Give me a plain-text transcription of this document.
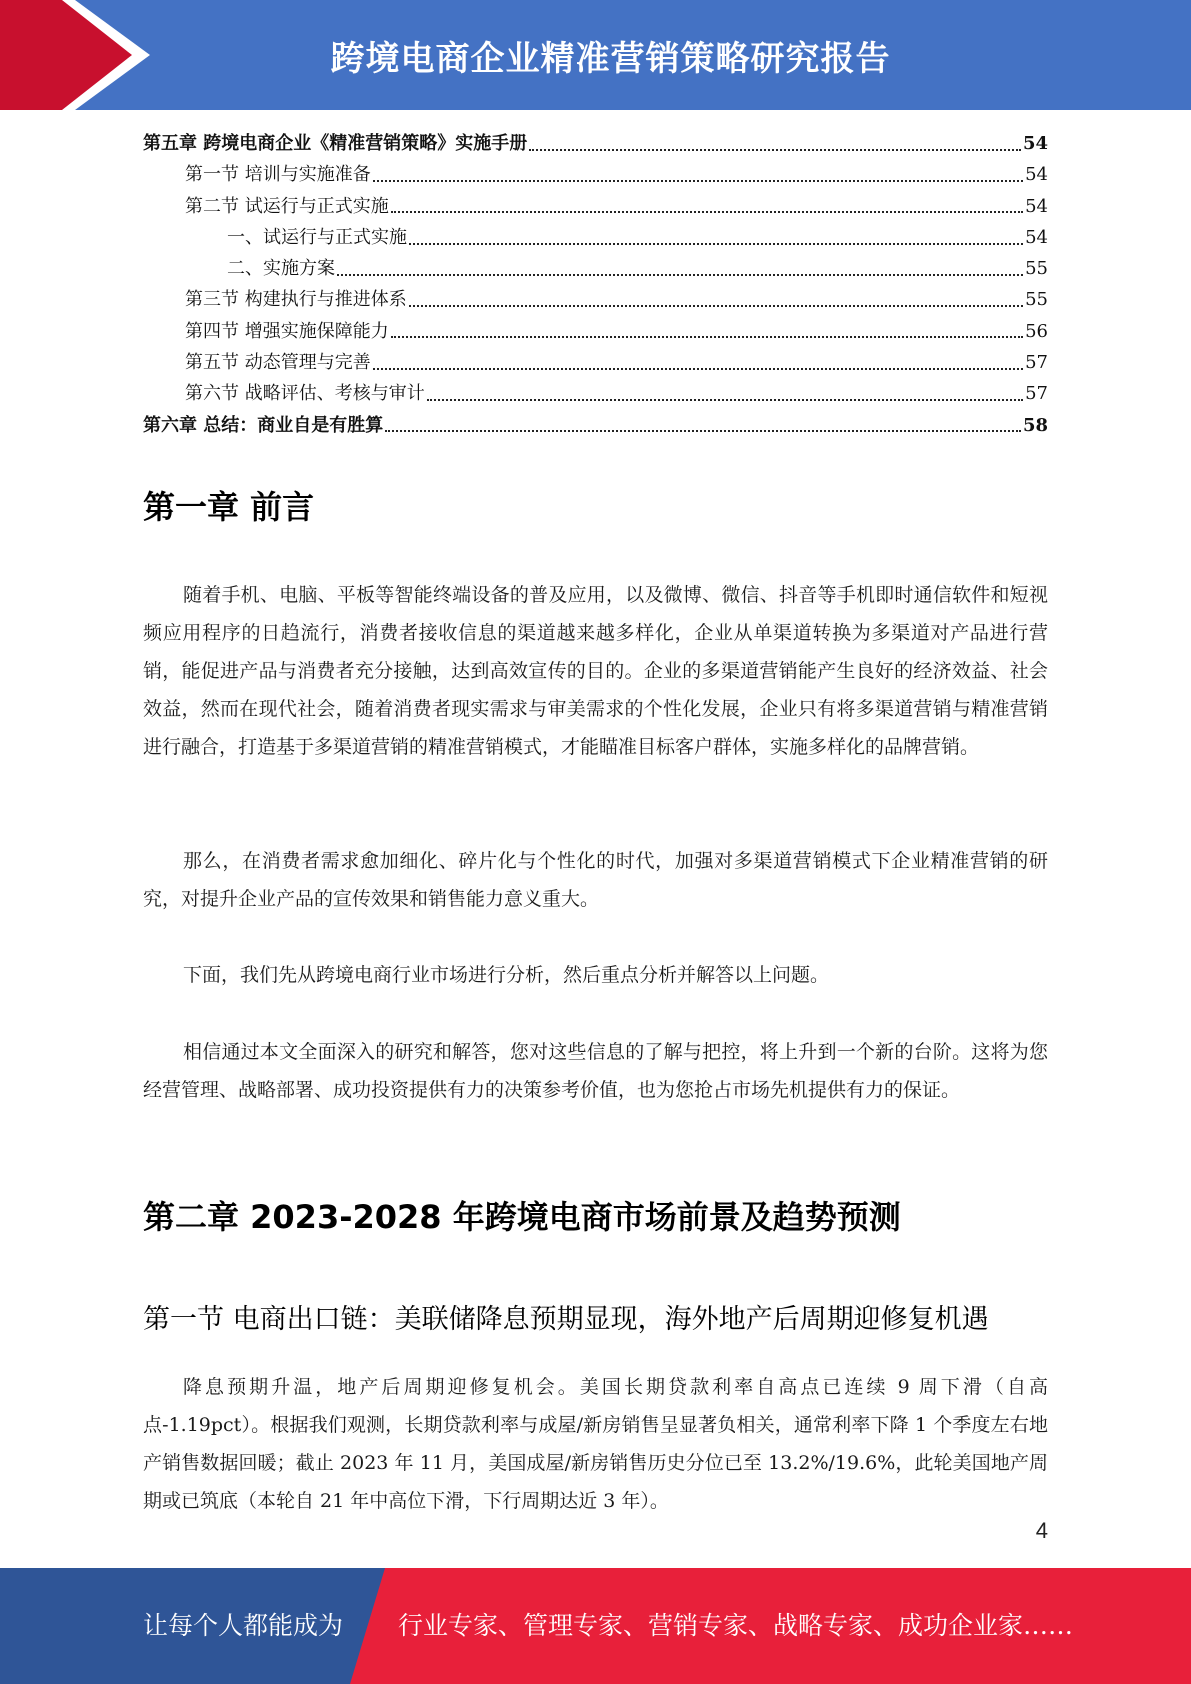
跨境电商企业精准营销策略研究报告
第五章 跨境电商企业《精准营销策略》实施手册	54
第一节 培训与实施准备	54
第二节 试运行与正式实施	54
一、试运行与正式实施	54
二、实施方案	55
第三节 构建执行与推进体系	55
第四节 增强实施保障能力	56
第五节 动态管理与完善	57
第六节 战略评估、考核与审计	57
第六章 总结：商业自是有胜算	58
第一章 前言

随着手机、电脑、平板等智能终端设备的普及应用，以及微博、微信、抖音等手机即时通信软件和短视频应用程序的日趋流行，消费者接收信息的渠道越来越多样化，企业从单渠道转换为多渠道对产品进行营销，能促进产品与消费者充分接触，达到高效宣传的目的。企业的多渠道营销能产生良好的经济效益、社会效益，然而在现代社会，随着消费者现实需求与审美需求的个性化发展，企业只有将多渠道营销与精准营销进行融合，打造基于多渠道营销的精准营销模式，才能瞄准目标客户群体，实施多样化的品牌营销。

那么，在消费者需求愈加细化、碎片化与个性化的时代，加强对多渠道营销模式下企业精准营销的研究，对提升企业产品的宣传效果和销售能力意义重大。

下面，我们先从跨境电商行业市场进行分析，然后重点分析并解答以上问题。

相信通过本文全面深入的研究和解答，您对这些信息的了解与把控，将上升到一个新的台阶。这将为您经营管理、战略部署、成功投资提供有力的决策参考价值，也为您抢占市场先机提供有力的保证。

第二章 2023-2028 年跨境电商市场前景及趋势预测
第一节 电商出口链：美联储降息预期显现，海外地产后周期迎修复机遇

降息预期升温，地产后周期迎修复机会。美国长期贷款利率自高点已连续 9 周下滑（自高点-1.19pct）。根据我们观测，长期贷款利率与成屋/新房销售呈显著负相关，通常利率下降 1 个季度左右地产销售数据回暖；截止 2023 年 11 月，美国成屋/新房销售历史分位已至 13.2%/19.6%，此轮美国地产周期或已筑底（本轮自 21 年中高位下滑，下行周期达近 3 年）。

4
让每个人都能成为 行业专家、管理专家、营销专家、战略专家、成功企业家……
